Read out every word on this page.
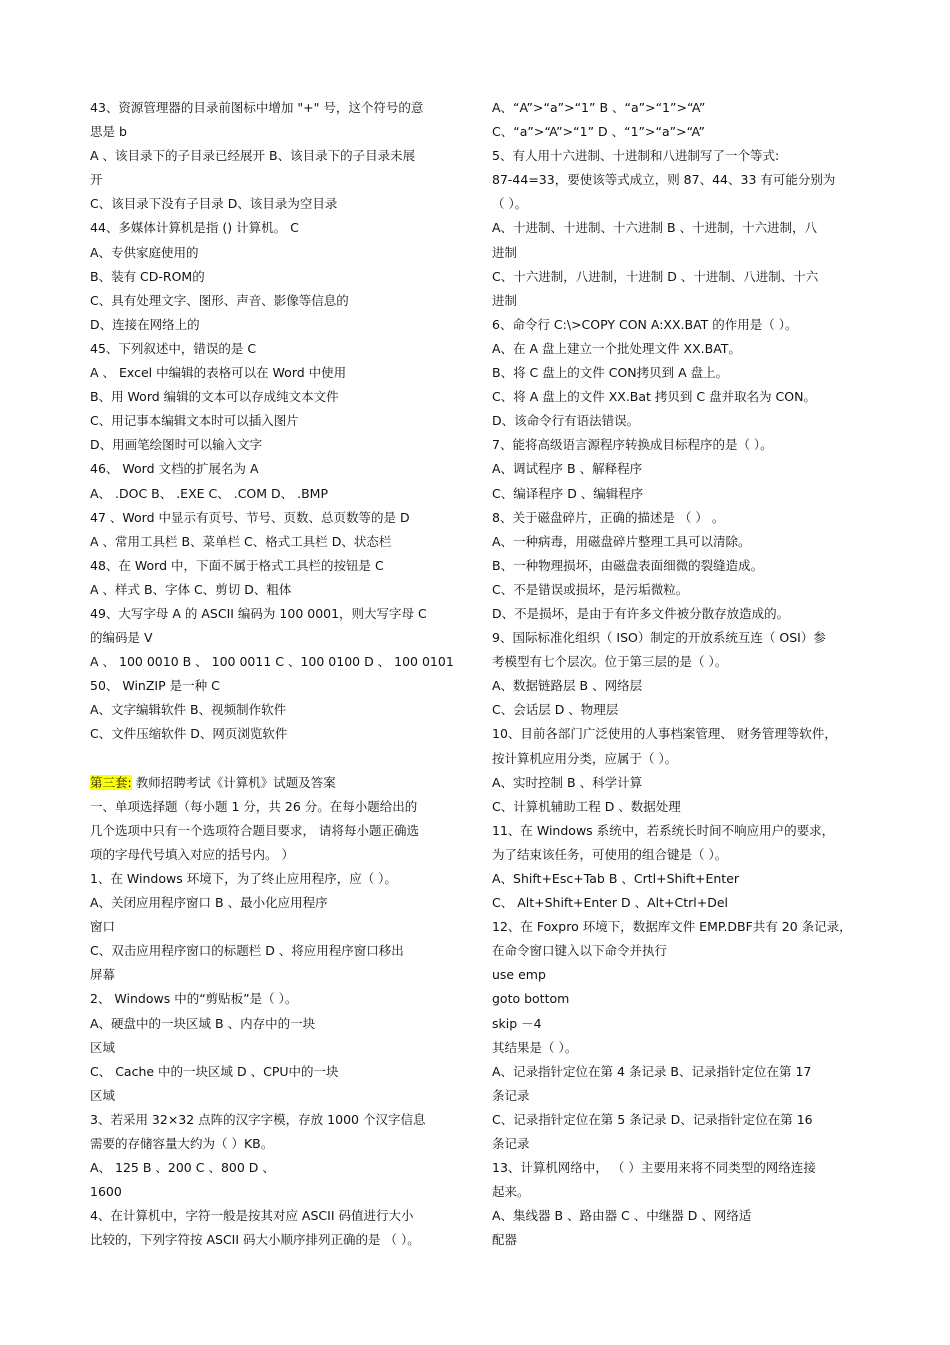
43、资源管理器的目录前图标中增加 "+" 号，这个符号的意
思是 b
A 、该目录下的子目录已经展开 B、该目录下的子目录未展
开
C、该目录下没有子目录 D、该目录为空目录
44、多媒体计算机是指 () 计算机。 C
A、专供家庭使用的
B、装有 CD-ROM的
C、具有处理文字、图形、声音、影像等信息的
D、连接在网络上的
45、下列叙述中，错误的是 C
A 、 Excel 中编辑的表格可以在 Word 中使用
B、用 Word 编辑的文本可以存成纯文本文件
C、用记事本编辑文本时可以插入图片
D、用画笔绘图时可以输入文字
46、 Word 文档的扩展名为 A
A、 .DOC B、 .EXE C、 .COM D、 .BMP
47 、Word 中显示有页号、节号、页数、总页数等的是 D
A 、常用工具栏 B、菜单栏 C、格式工具栏 D、状态栏
48、在 Word 中，下面不属于格式工具栏的按钮是 C
A 、样式 B、字体 C、剪切 D、粗体
49、大写字母 A 的 ASCII 编码为 100 0001，则大写字母 C
的编码是 V
A 、 100 0010 B 、 100 0011 C 、100 0100 D 、 100 0101
50、 WinZIP 是一种 C
A、文字编辑软件 B、视频制作软件
C、文件压缩软件 D、网页浏览软件
第三套: 教师招聘考试《计算机》试题及答案
一、单项选择题（每小题 1 分，共 26 分。在每小题给出的
几个选项中只有一个选项符合题目要求， 请将每小题正确选
项的字母代号填入对应的括号内。 ）
1、在 Windows 环境下，为了终止应用程序，应（ ）。
A、关闭应用程序窗口 B 、最小化应用程序
窗口
C、双击应用程序窗口的标题栏 D 、将应用程序窗口移出
屏幕
2、 Windows 中的“剪贴板”是（ ）。
A、硬盘中的一块区域 B 、内存中的一块
区域
C、 Cache 中的一块区域 D 、CPU中的一块
区域
3、若采用 32×32 点阵的汉字字模，存放 1000 个汉字信息
需要的存储容量大约为（ ）KB。
A、 125 B 、200 C 、800 D 、
1600
4、在计算机中，字符一般是按其对应 ASCII 码值进行大小
比较的，下列字符按 ASCII 码大小顺序排列正确的是 （ ）。
A、“A”>“a”>“1” B 、“a”>“1”>“A”
C、“a”>“A”>“1” D 、“1”>“a”>“A”
5、有人用十六进制、十进制和八进制写了一个等式:
87-44=33，要使该等式成立，则 87、44、33 有可能分别为
（ ）。
A、十进制、十进制、十六进制 B 、十进制，十六进制，八
进制
C、十六进制，八进制，十进制 D 、十进制、八进制、十六
进制
6、命令行 C:\>COPY CON A:XX.BAT 的作用是（ ）。
A、在 A 盘上建立一个批处理文件 XX.BAT。
B、将 C 盘上的文件 CON拷贝到 A 盘上。
C、将 A 盘上的文件 XX.Bat 拷贝到 C 盘并取名为 CON。
D、该命令行有语法错误。
7、能将高级语言源程序转换成目标程序的是（ ）。
A、调试程序 B 、解释程序
C、编译程序 D 、编辑程序
8、关于磁盘碎片，正确的描述是 （ ） 。
A、一种病毒，用磁盘碎片整理工具可以清除。
B、一种物理损坏，由磁盘表面细微的裂缝造成。
C、不是错误或损坏，是污垢微粒。
D、不是损坏，是由于有许多文件被分散存放造成的。
9、国际标准化组织（ ISO）制定的开放系统互连（ OSI）参
考模型有七个层次。位于第三层的是（ ）。
A、数据链路层 B 、网络层
C、会话层 D 、物理层
10、目前各部门广泛使用的人事档案管理、 财务管理等软件，
按计算机应用分类，应属于（ ）。
A、实时控制 B 、科学计算
C、计算机辅助工程 D 、数据处理
11、在 Windows 系统中，若系统长时间不响应用户的要求，
为了结束该任务，可使用的组合键是（ ）。
A、Shift+Esc+Tab B 、Crtl+Shift+Enter
C、 Alt+Shift+Enter D 、Alt+Ctrl+Del
12、在 Foxpro 环境下，数据库文件 EMP.DBF共有 20 条记录，
在命令窗口键入以下命令并执行
use emp
goto bottom
skip －4
其结果是（ ）。
A、记录指针定位在第 4 条记录 B、记录指针定位在第 17
条记录
C、记录指针定位在第 5 条记录 D、记录指针定位在第 16
条记录
13、计算机网络中， （ ）主要用来将不同类型的网络连接
起来。
A、集线器 B 、路由器 C 、中继器 D 、网络适
配器
